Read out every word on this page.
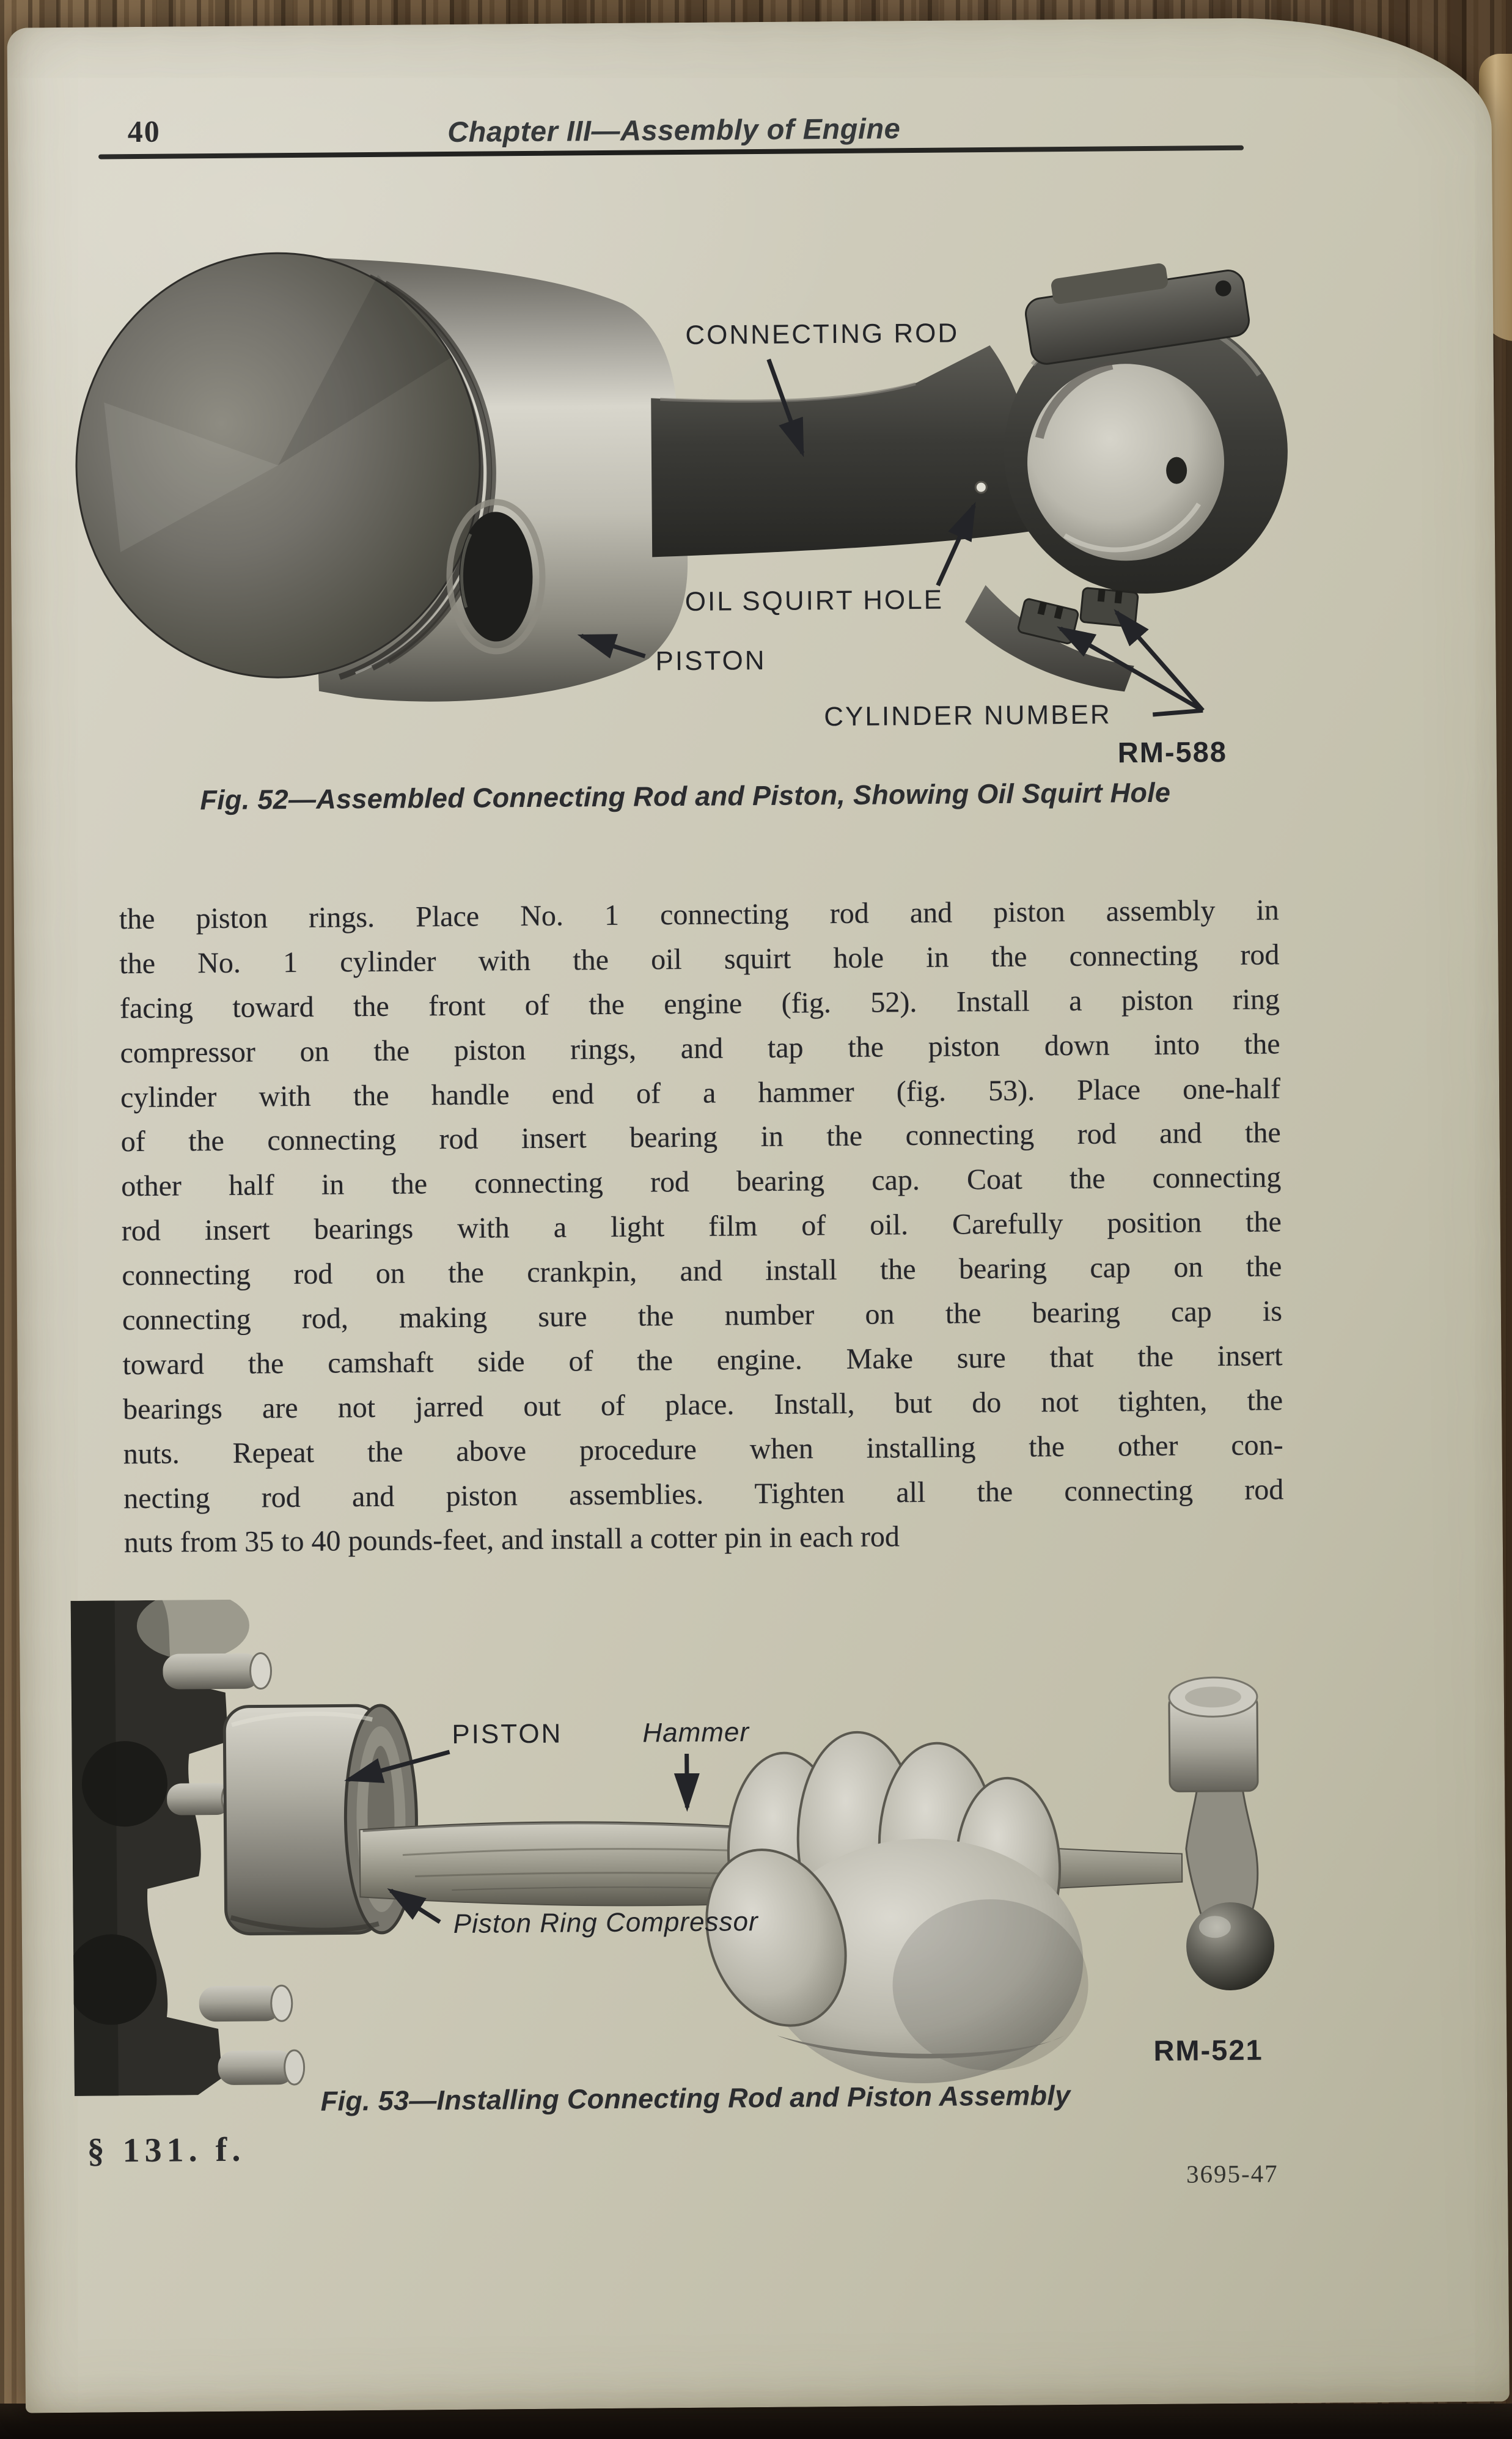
40	Chapter III—Assembly of Engine
CONNECTING ROD
OIL SQUIRT HOLE
PISTON
CYLINDER NUMBER
RM-588
Fig. 52—Assembled Connecting Rod and Piston, Showing Oil Squirt Hole
the piston rings. Place No. 1 connecting rod and piston assembly in
the No. 1 cylinder with the oil squirt hole in the connecting rod
facing toward the front of the engine (fig. 52). Install a piston ring
compressor on the piston rings, and tap the piston down into the
cylinder with the handle end of a hammer (fig. 53). Place one-half
of the connecting rod insert bearing in the connecting rod and the
other half in the connecting rod bearing cap. Coat the connecting
rod insert bearings with a light film of oil. Carefully position the
connecting rod on the crankpin, and install the bearing cap on the
connecting rod, making sure the number on the bearing cap is
toward the camshaft side of the engine. Make sure that the insert
bearings are not jarred out of place. Install, but do not tighten, the
nuts. Repeat the above procedure when installing the other con-
necting rod and piston assemblies. Tighten all the connecting rod
nuts from 35 to 40 pounds-feet, and install a cotter pin in each rod
PISTON	Hammer
Piston Ring Compressor
RM-521
Fig. 53—Installing Connecting Rod and Piston Assembly
§ 131. f.
3695-47
